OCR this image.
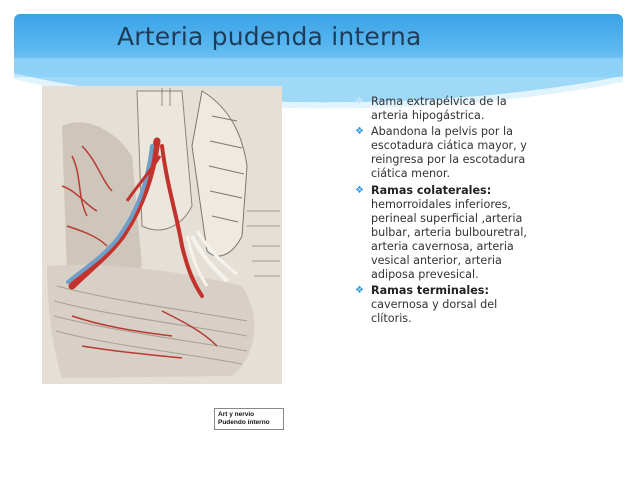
Arteria pudenda interna
Art y nervio
Pudendo interno
❖ Rama extrapélvica de la arteria hipogástrica.
❖ Abandona la pelvis por la escotadura ciática mayor, y reingresa por la escotadura ciática menor.
❖ Ramas colaterales:
hemorroidales inferiores, perineal superficial ,arteria bulbar, arteria bulbouretral, arteria cavernosa, arteria vesical anterior, arteria adiposa prevesical.
❖ Ramas terminales:
cavernosa y dorsal del clítoris.
